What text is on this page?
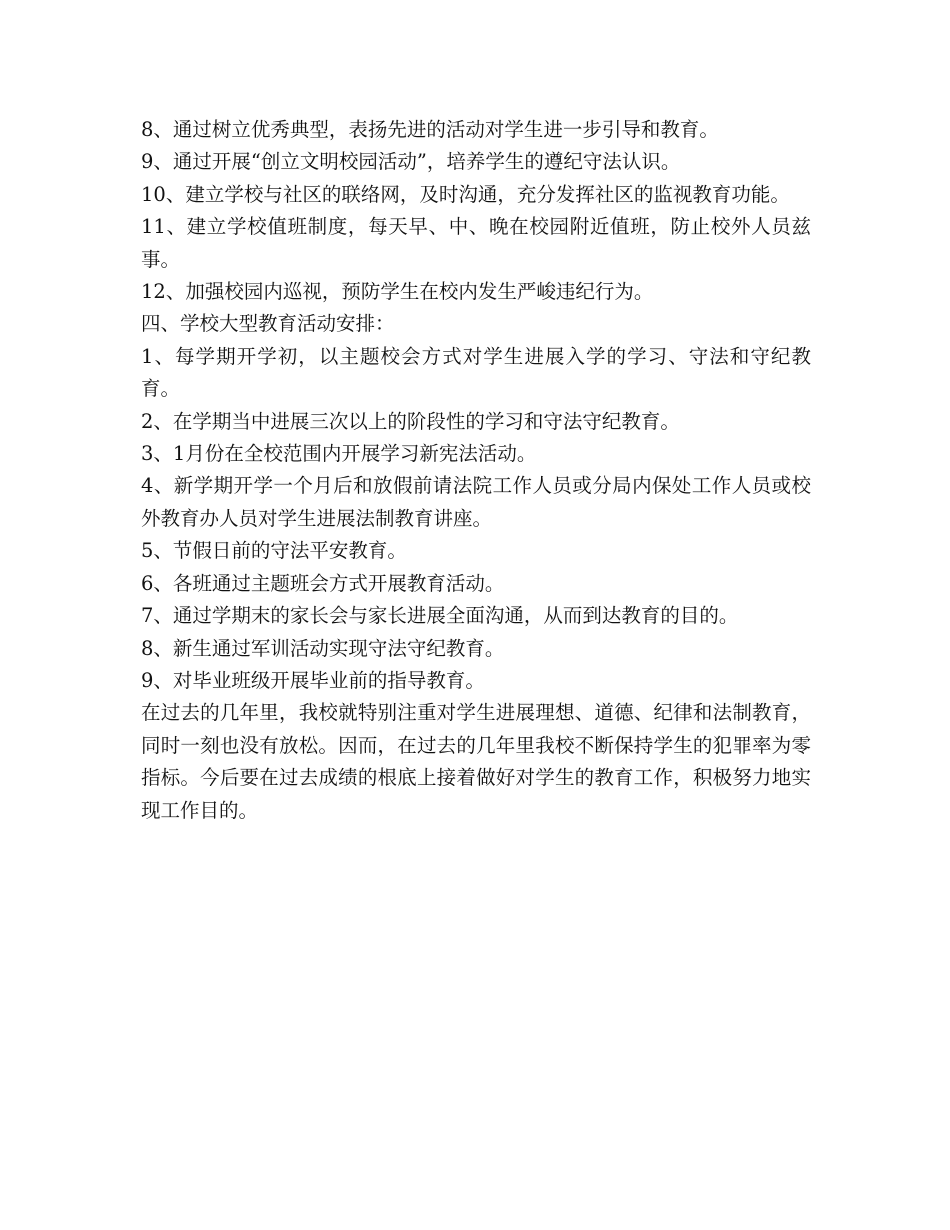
8、通过树立优秀典型，表扬先进的活动对学生进一步引导和教育。

9、通过开展“创立文明校园活动”，培养学生的遵纪守法认识。

10、建立学校与社区的联络网，及时沟通，充分发挥社区的监视教育功能。

11、建立学校值班制度，每天早、中、晚在校园附近值班，防止校外人员兹事。

12、加强校园内巡视，预防学生在校内发生严峻违纪行为。

四、学校大型教育活动安排：

1、每学期开学初，以主题校会方式对学生进展入学的学习、守法和守纪教育。

2、在学期当中进展三次以上的阶段性的学习和守法守纪教育。

3、1月份在全校范围内开展学习新宪法活动。

4、新学期开学一个月后和放假前请法院工作人员或分局内保处工作人员或校外教育办人员对学生进展法制教育讲座。

5、节假日前的守法平安教育。

6、各班通过主题班会方式开展教育活动。

7、通过学期末的家长会与家长进展全面沟通，从而到达教育的目的。

8、新生通过军训活动实现守法守纪教育。

9、对毕业班级开展毕业前的指导教育。

在过去的几年里，我校就特别注重对学生进展理想、道德、纪律和法制教育，同时一刻也没有放松。因而，在过去的几年里我校不断保持学生的犯罪率为零指标。今后要在过去成绩的根底上接着做好对学生的教育工作，积极努力地实现工作目的。
